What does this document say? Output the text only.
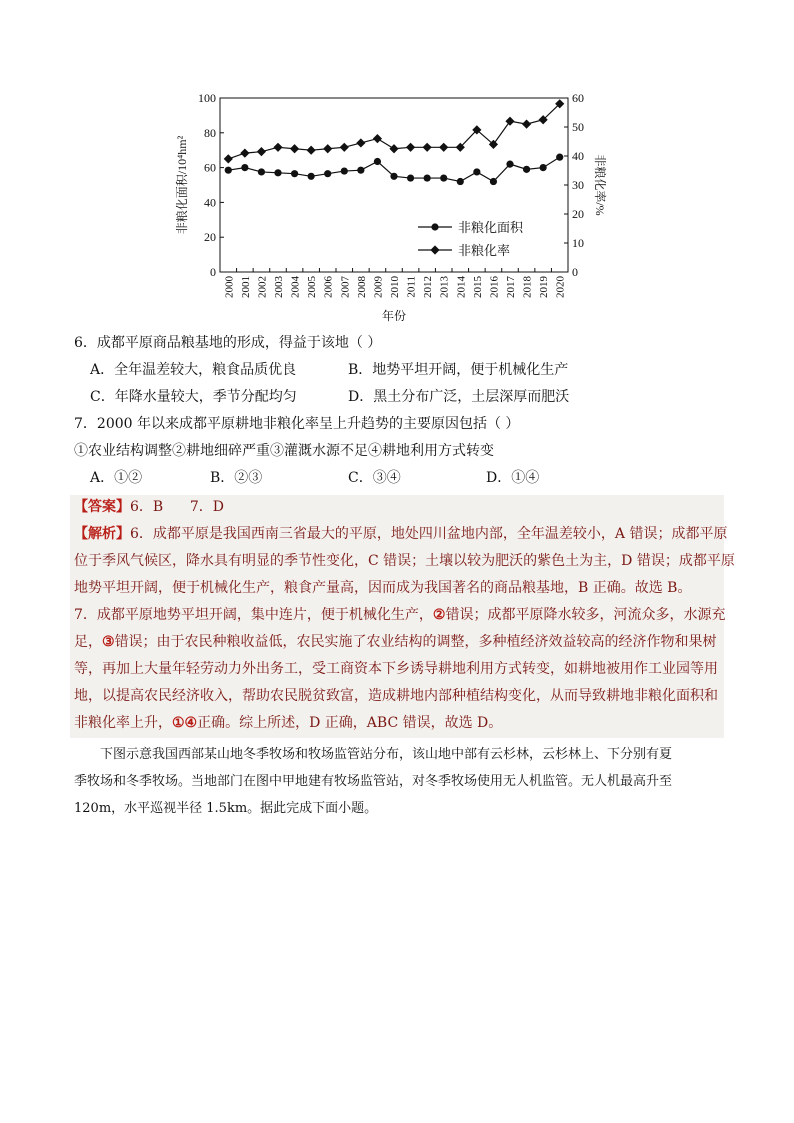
0
20
40
60
80
100
0
10
20
30
40
50
60
2000 2001 2002 2003 2004 2005 2006 2007 2008 2009 2010 2011 2012 2013 2014 2015 2016 2017 2018 2019 2020
年份
非粮化面积/10⁴hm²	非粮化率/%
非粮化面积
非粮化率
6．成都平原商品粮基地的形成，得益于该地（ ）
A．全年温差较大，粮食品质优良	B．地势平坦开阔，便于机械化生产
C．年降水量较大，季节分配均匀	D．黑土分布广泛，土层深厚而肥沃
7．2000 年以来成都平原耕地非粮化率呈上升趋势的主要原因包括（ ）
①农业结构调整②耕地细碎严重③灌溉水源不足④耕地利用方式转变
A．①②	B．②③	C．③④	D．①④
【答案】6．B      7．D
【解析】6．成都平原是我国西南三省最大的平原，地处四川盆地内部，全年温差较小，A 错误；成都平原
位于季风气候区，降水具有明显的季节性变化，C 错误；土壤以较为肥沃的紫色土为主，D 错误；成都平原
地势平坦开阔，便于机械化生产，粮食产量高，因而成为我国著名的商品粮基地，B 正确。故选 B。
7．成都平原地势平坦开阔，集中连片，便于机械化生产，②错误；成都平原降水较多，河流众多，水源充
足，③错误；由于农民种粮收益低，农民实施了农业结构的调整，多种植经济效益较高的经济作物和果树
等，再加上大量年轻劳动力外出务工，受工商资本下乡诱导耕地利用方式转变，如耕地被用作工业园等用
地，以提高农民经济收入，帮助农民脱贫致富，造成耕地内部种植结构变化，从而导致耕地非粮化面积和
非粮化率上升，①④正确。综上所述，D 正确，ABC 错误，故选 D。
下图示意我国西部某山地冬季牧场和牧场监管站分布，该山地中部有云杉林，云杉林上、下分别有夏
季牧场和冬季牧场。当地部门在图中甲地建有牧场监管站，对冬季牧场使用无人机监管。无人机最高升至
120m，水平巡视半径 1.5km。据此完成下面小题。
